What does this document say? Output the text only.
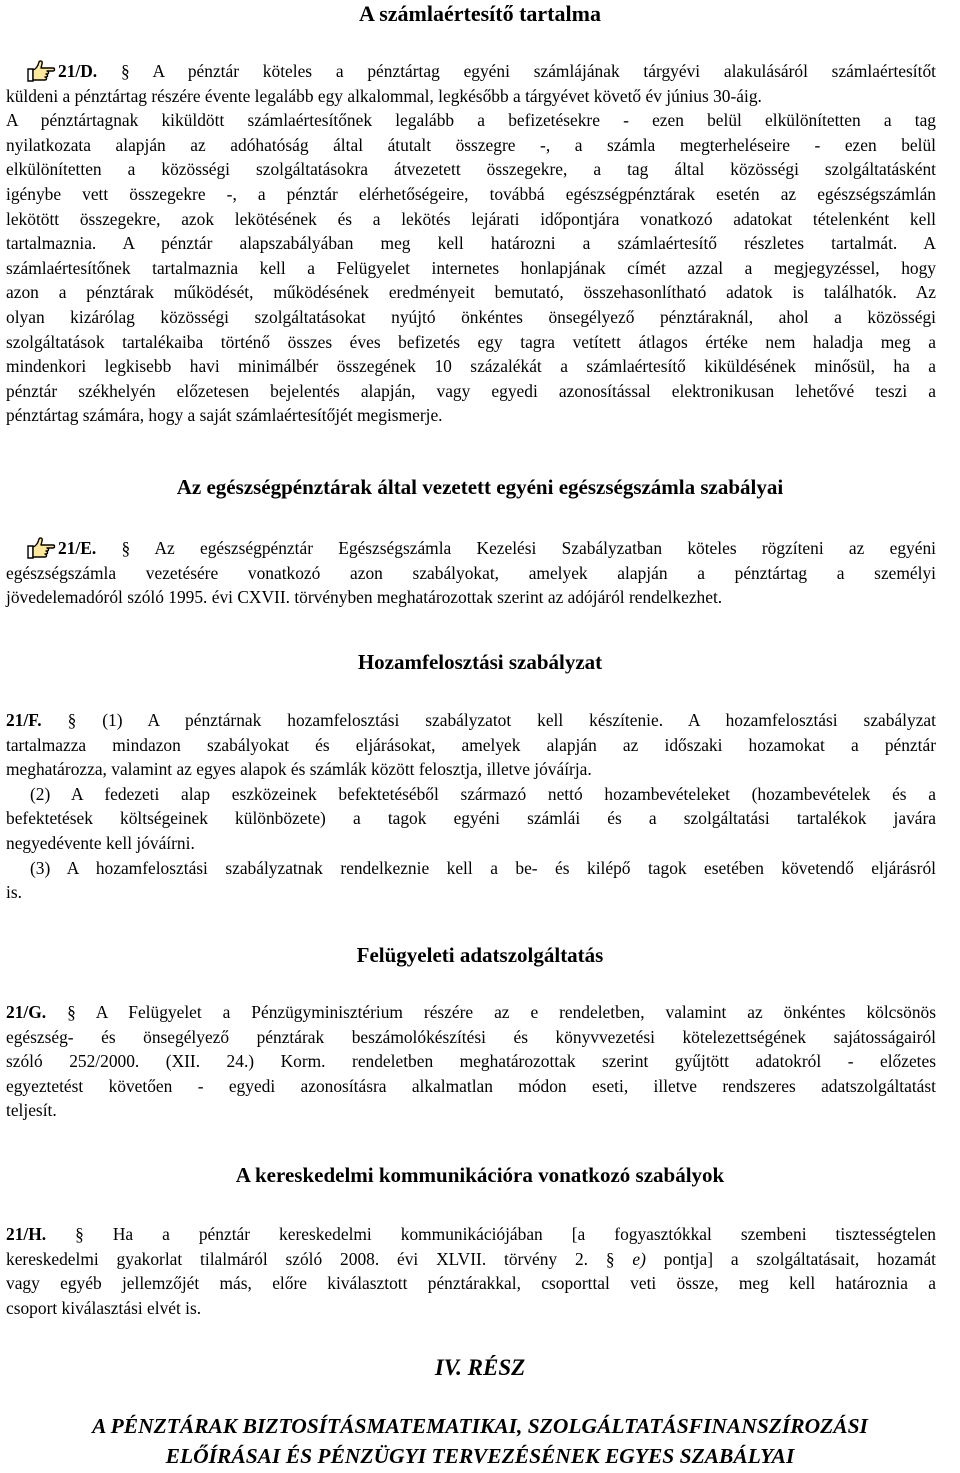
A számlaértesítő tartalma
21/D. § A pénztár köteles a pénztártag egyéni számlájának tárgyévi alakulásáról számlaértesítőt
küldeni a pénztártag részére évente legalább egy alkalommal, legkésőbb a tárgyévet követő év június 30-áig.
A pénztártagnak kiküldött számlaértesítőnek legalább a befizetésekre - ezen belül elkülönítetten a tag
nyilatkozata alapján az adóhatóság által átutalt összegre -, a számla megterheléseire - ezen belül
elkülönítetten a közösségi szolgáltatásokra átvezetett összegekre, a tag által közösségi szolgáltatásként
igénybe vett összegekre -, a pénztár elérhetőségeire, továbbá egészségpénztárak esetén az egészségszámlán
lekötött összegekre, azok lekötésének és a lekötés lejárati időpontjára vonatkozó adatokat tételenként kell
tartalmaznia. A pénztár alapszabályában meg kell határozni a számlaértesítő részletes tartalmát. A
számlaértesítőnek tartalmaznia kell a Felügyelet internetes honlapjának címét azzal a megjegyzéssel, hogy
azon a pénztárak működését, működésének eredményeit bemutató, összehasonlítható adatok is találhatók. Az
olyan kizárólag közösségi szolgáltatásokat nyújtó önkéntes önsegélyező pénztáraknál, ahol a közösségi
szolgáltatások tartalékaiba történő összes éves befizetés egy tagra vetített átlagos értéke nem haladja meg a
mindenkori legkisebb havi minimálbér összegének 10 százalékát a számlaértesítő kiküldésének minősül, ha a
pénztár székhelyén előzetesen bejelentés alapján, vagy egyedi azonosítással elektronikusan lehetővé teszi a
pénztártag számára, hogy a saját számlaértesítőjét megismerje.
Az egészségpénztárak által vezetett egyéni egészségszámla szabályai
21/E. § Az egészségpénztár Egészségszámla Kezelési Szabályzatban köteles rögzíteni az egyéni
egészségszámla vezetésére vonatkozó azon szabályokat, amelyek alapján a pénztártag a személyi
jövedelemadóról szóló 1995. évi CXVII. törvényben meghatározottak szerint az adójáról rendelkezhet.
Hozamfelosztási szabályzat
21/F. § (1) A pénztárnak hozamfelosztási szabályzatot kell készítenie. A hozamfelosztási szabályzat
tartalmazza mindazon szabályokat és eljárásokat, amelyek alapján az időszaki hozamokat a pénztár
meghatározza, valamint az egyes alapok és számlák között felosztja, illetve jóváírja.
(2) A fedezeti alap eszközeinek befektetéséből származó nettó hozambevételeket (hozambevételek és a
befektetések költségeinek különbözete) a tagok egyéni számlái és a szolgáltatási tartalékok javára
negyedévente kell jóváírni.
(3) A hozamfelosztási szabályzatnak rendelkeznie kell a be- és kilépő tagok esetében követendő eljárásról
is.
Felügyeleti adatszolgáltatás
21/G. § A Felügyelet a Pénzügyminisztérium részére az e rendeletben, valamint az önkéntes kölcsönös
egészség- és önsegélyező pénztárak beszámolókészítési és könyvvezetési kötelezettségének sajátosságairól
szóló 252/2000. (XII. 24.) Korm. rendeletben meghatározottak szerint gyűjtött adatokról - előzetes
egyeztetést követően - egyedi azonosításra alkalmatlan módon eseti, illetve rendszeres adatszolgáltatást
teljesít.
A kereskedelmi kommunikációra vonatkozó szabályok
21/H. § Ha a pénztár kereskedelmi kommunikációjában [a fogyasztókkal szembeni tisztességtelen
kereskedelmi gyakorlat tilalmáról szóló 2008. évi XLVII. törvény 2. § e) pontja] a szolgáltatásait, hozamát
vagy egyéb jellemzőjét más, előre kiválasztott pénztárakkal, csoporttal veti össze, meg kell határoznia a
csoport kiválasztási elvét is.
IV. RÉSZ
A PÉNZTÁRAK BIZTOSÍTÁSMATEMATIKAI, SZOLGÁLTATÁSFINANSZÍROZÁSI
ELŐÍRÁSAI ÉS PÉNZÜGYI TERVEZÉSÉNEK EGYES SZABÁLYAI
